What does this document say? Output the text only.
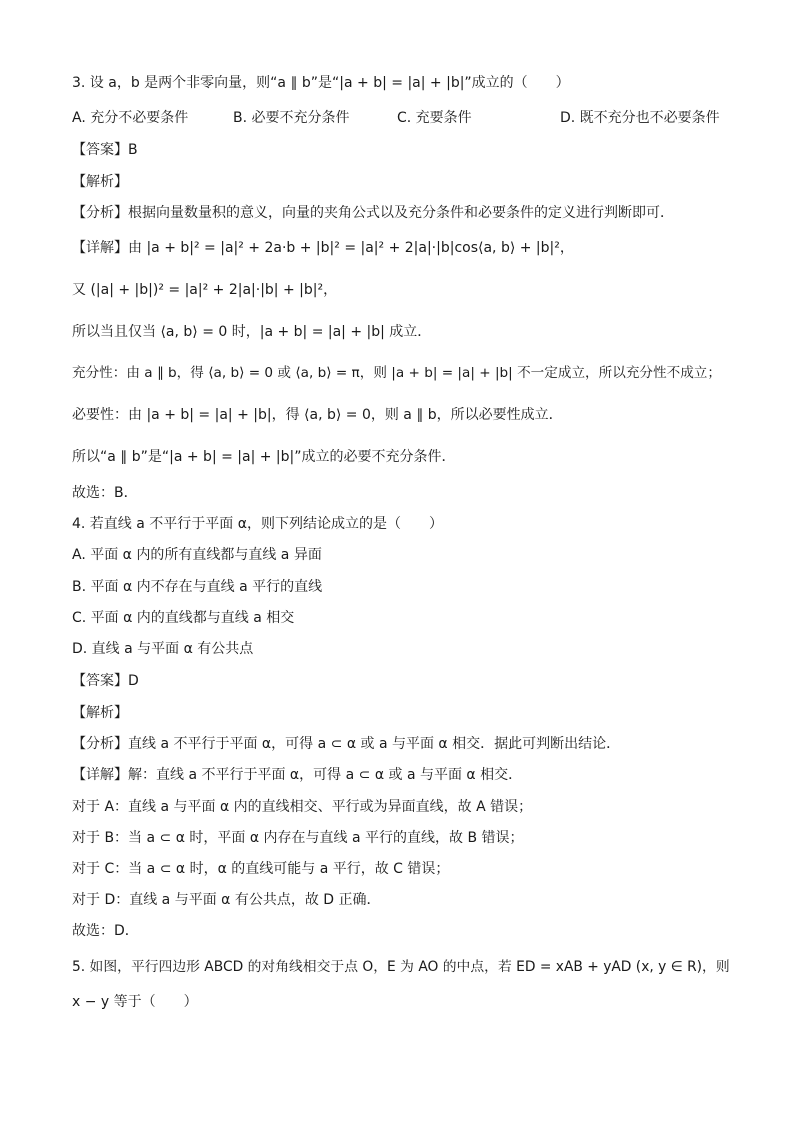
3. 设 a，b 是两个非零向量，则“a ∥ b”是“|a + b| = |a| + |b|”成立的（　　）
A. 充分不必要条件	B. 必要不充分条件	C. 充要条件	D. 既不充分也不必要条件
【答案】B
【解析】
【分析】根据向量数量积的意义，向量的夹角公式以及充分条件和必要条件的定义进行判断即可．
【详解】由 |a + b|² = |a|² + 2a·b + |b|² = |a|² + 2|a|·|b|cos⟨a, b⟩ + |b|²，
又 (|a| + |b|)² = |a|² + 2|a|·|b| + |b|²，
所以当且仅当 ⟨a, b⟩ = 0 时，|a + b| = |a| + |b| 成立．
充分性：由 a ∥ b，得 ⟨a, b⟩ = 0 或 ⟨a, b⟩ = π，则 |a + b| = |a| + |b| 不一定成立，所以充分性不成立；
必要性：由 |a + b| = |a| + |b|，得 ⟨a, b⟩ = 0，则 a ∥ b，所以必要性成立．
所以“a ∥ b”是“|a + b| = |a| + |b|”成立的必要不充分条件．
故选：B．
4. 若直线 a 不平行于平面 α，则下列结论成立的是（　　）
A. 平面 α 内的所有直线都与直线 a 异面
B. 平面 α 内不存在与直线 a 平行的直线
C. 平面 α 内的直线都与直线 a 相交
D. 直线 a 与平面 α 有公共点
【答案】D
【解析】
【分析】直线 a 不平行于平面 α，可得 a ⊂ α 或 a 与平面 α 相交．据此可判断出结论．
【详解】解：直线 a 不平行于平面 α，可得 a ⊂ α 或 a 与平面 α 相交．
对于 A：直线 a 与平面 α 内的直线相交、平行或为异面直线，故 A 错误；
对于 B：当 a ⊂ α 时，平面 α 内存在与直线 a 平行的直线，故 B 错误；
对于 C：当 a ⊂ α 时，α 的直线可能与 a 平行，故 C 错误；
对于 D：直线 a 与平面 α 有公共点，故 D 正确．
故选：D．
5. 如图，平行四边形 ABCD 的对角线相交于点 O，E 为 AO 的中点，若 ED = xAB + yAD (x, y ∈ R)，则
x − y 等于（　　）
